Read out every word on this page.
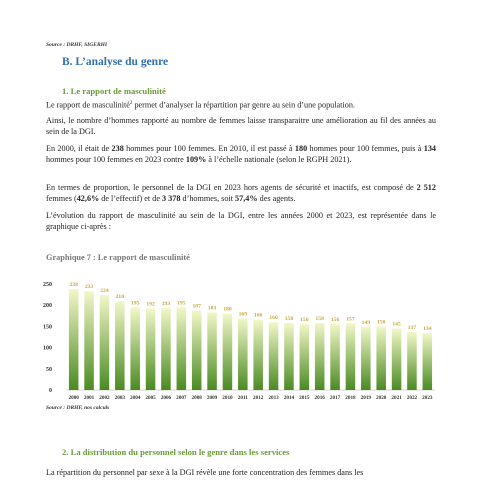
Source : DRHF, SIGERHI
B. L’analyse du genre
1. Le rapport de masculinité

Le rapport de masculinité$^2$ permet d’analyser la répartition par genre au sein d’une population.

Ainsi, le nombre d’hommes rapporté au nombre de femmes laisse transparaitre une amélioration au fil des années au sein de la DGI.

En 2000, il était de 238 hommes pour 100 femmes. En 2010, il est passé à 180 hommes pour 100 femmes, puis à 134 hommes pour 100 femmes en 2023 contre 109% à l’échelle nationale (selon le RGPH 2021).

En termes de proportion, le personnel de la DGI en 2023 hors agents de sécurité et inactifs, est composé de 2 512 femmes (42,6% de l’effectif) et de 3 378 d’hommes, soit 57,4% des agents.

L’évolution du rapport de masculinité au sein de la DGI, entre les années 2000 et 2023, est représentée dans le graphique ci-après :

Graphique 7 : Le rapport de masculinité
0
50
100
150
200
250	238 233
224
210
195 192 193 195
187 183 180
169 166 160 158 156 158 156 157
149 150 145
137 134
2000 2001 2002 2003 2004 2005 2006 2007 2008 2009 2010 2011 2012 2013 2014 2015 2016 2017 2018 2019 2020 2021 2022 2023
Source : DRHF, nos calculs
2. La distribution du personnel selon le genre dans les services

La répartition du personnel par sexe à la DGI révèle une forte concentration des femmes dans les
